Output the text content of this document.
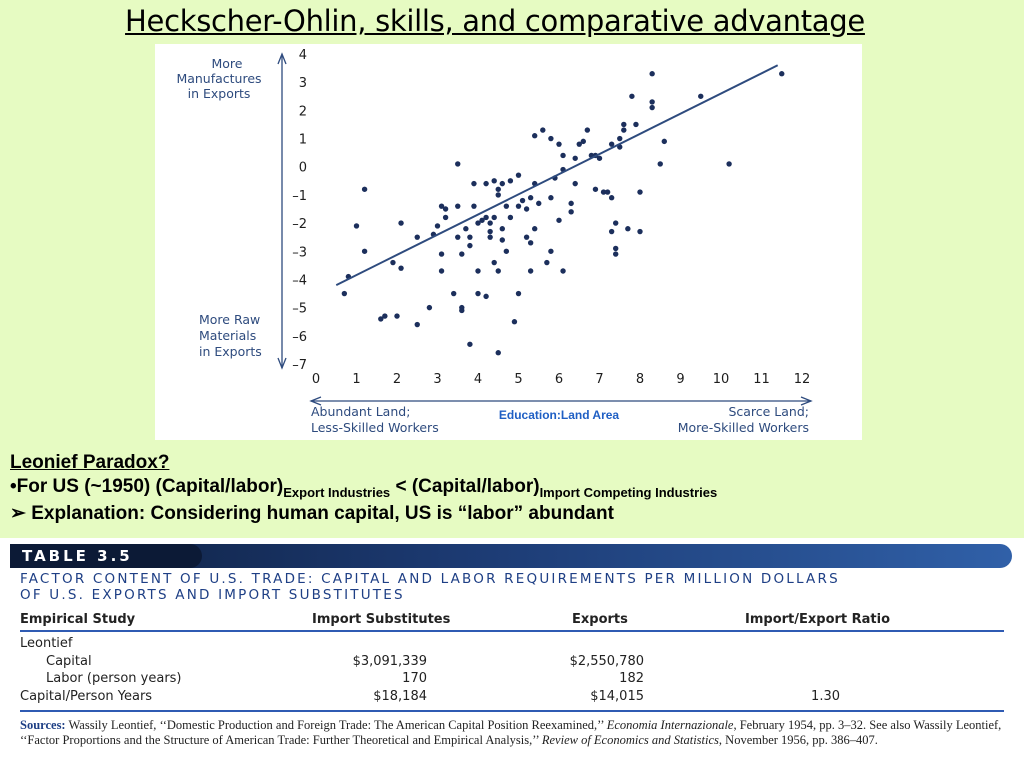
Heckscher-Ohlin, skills, and comparative advantage
4
3
2
1
0
–1
–2
–3
–4
–5
–6
–7
0 1 2 3 4 5 6 7 8 9 10 11 12
More
Manufactures
in Exports
More Raw
Materials
in Exports
Abundant Land;
Less-Skilled Workers
Scarce Land;
More-Skilled Workers
Education:Land Area
Leonief Paradox?
•For US (~1950) $(Capital/labor)_{Export Industries}$ < $(Capital/labor)_{Import Competing Industries}$
➢ Explanation: Considering human capital, US is “labor” abundant
TABLE 3.5
FACTOR CONTENT OF U.S. TRADE: CAPITAL AND LABOR REQUIREMENTS PER MILLION DOLLARS
OF U.S. EXPORTS AND IMPORT SUBSTITUTES
Empirical Study	Import Substitutes	Exports	Import/Export Ratio
Leontief
Capital	$3,091,339	$2,550,780
Labor (person years)	170	182
Capital/Person Years	$18,184	$14,015	1.30
Sources: Wassily Leontief, ‘‘Domestic Production and Foreign Trade: The American Capital Position Reexamined,’’ Economia Internazionale, February 1954, pp. 3–32. See also Wassily Leontief, ‘‘Factor Proportions and the Structure of American Trade: Further Theoretical and Empirical Analysis,’’ Review of Economics and Statistics, November 1956, pp. 386–407.
